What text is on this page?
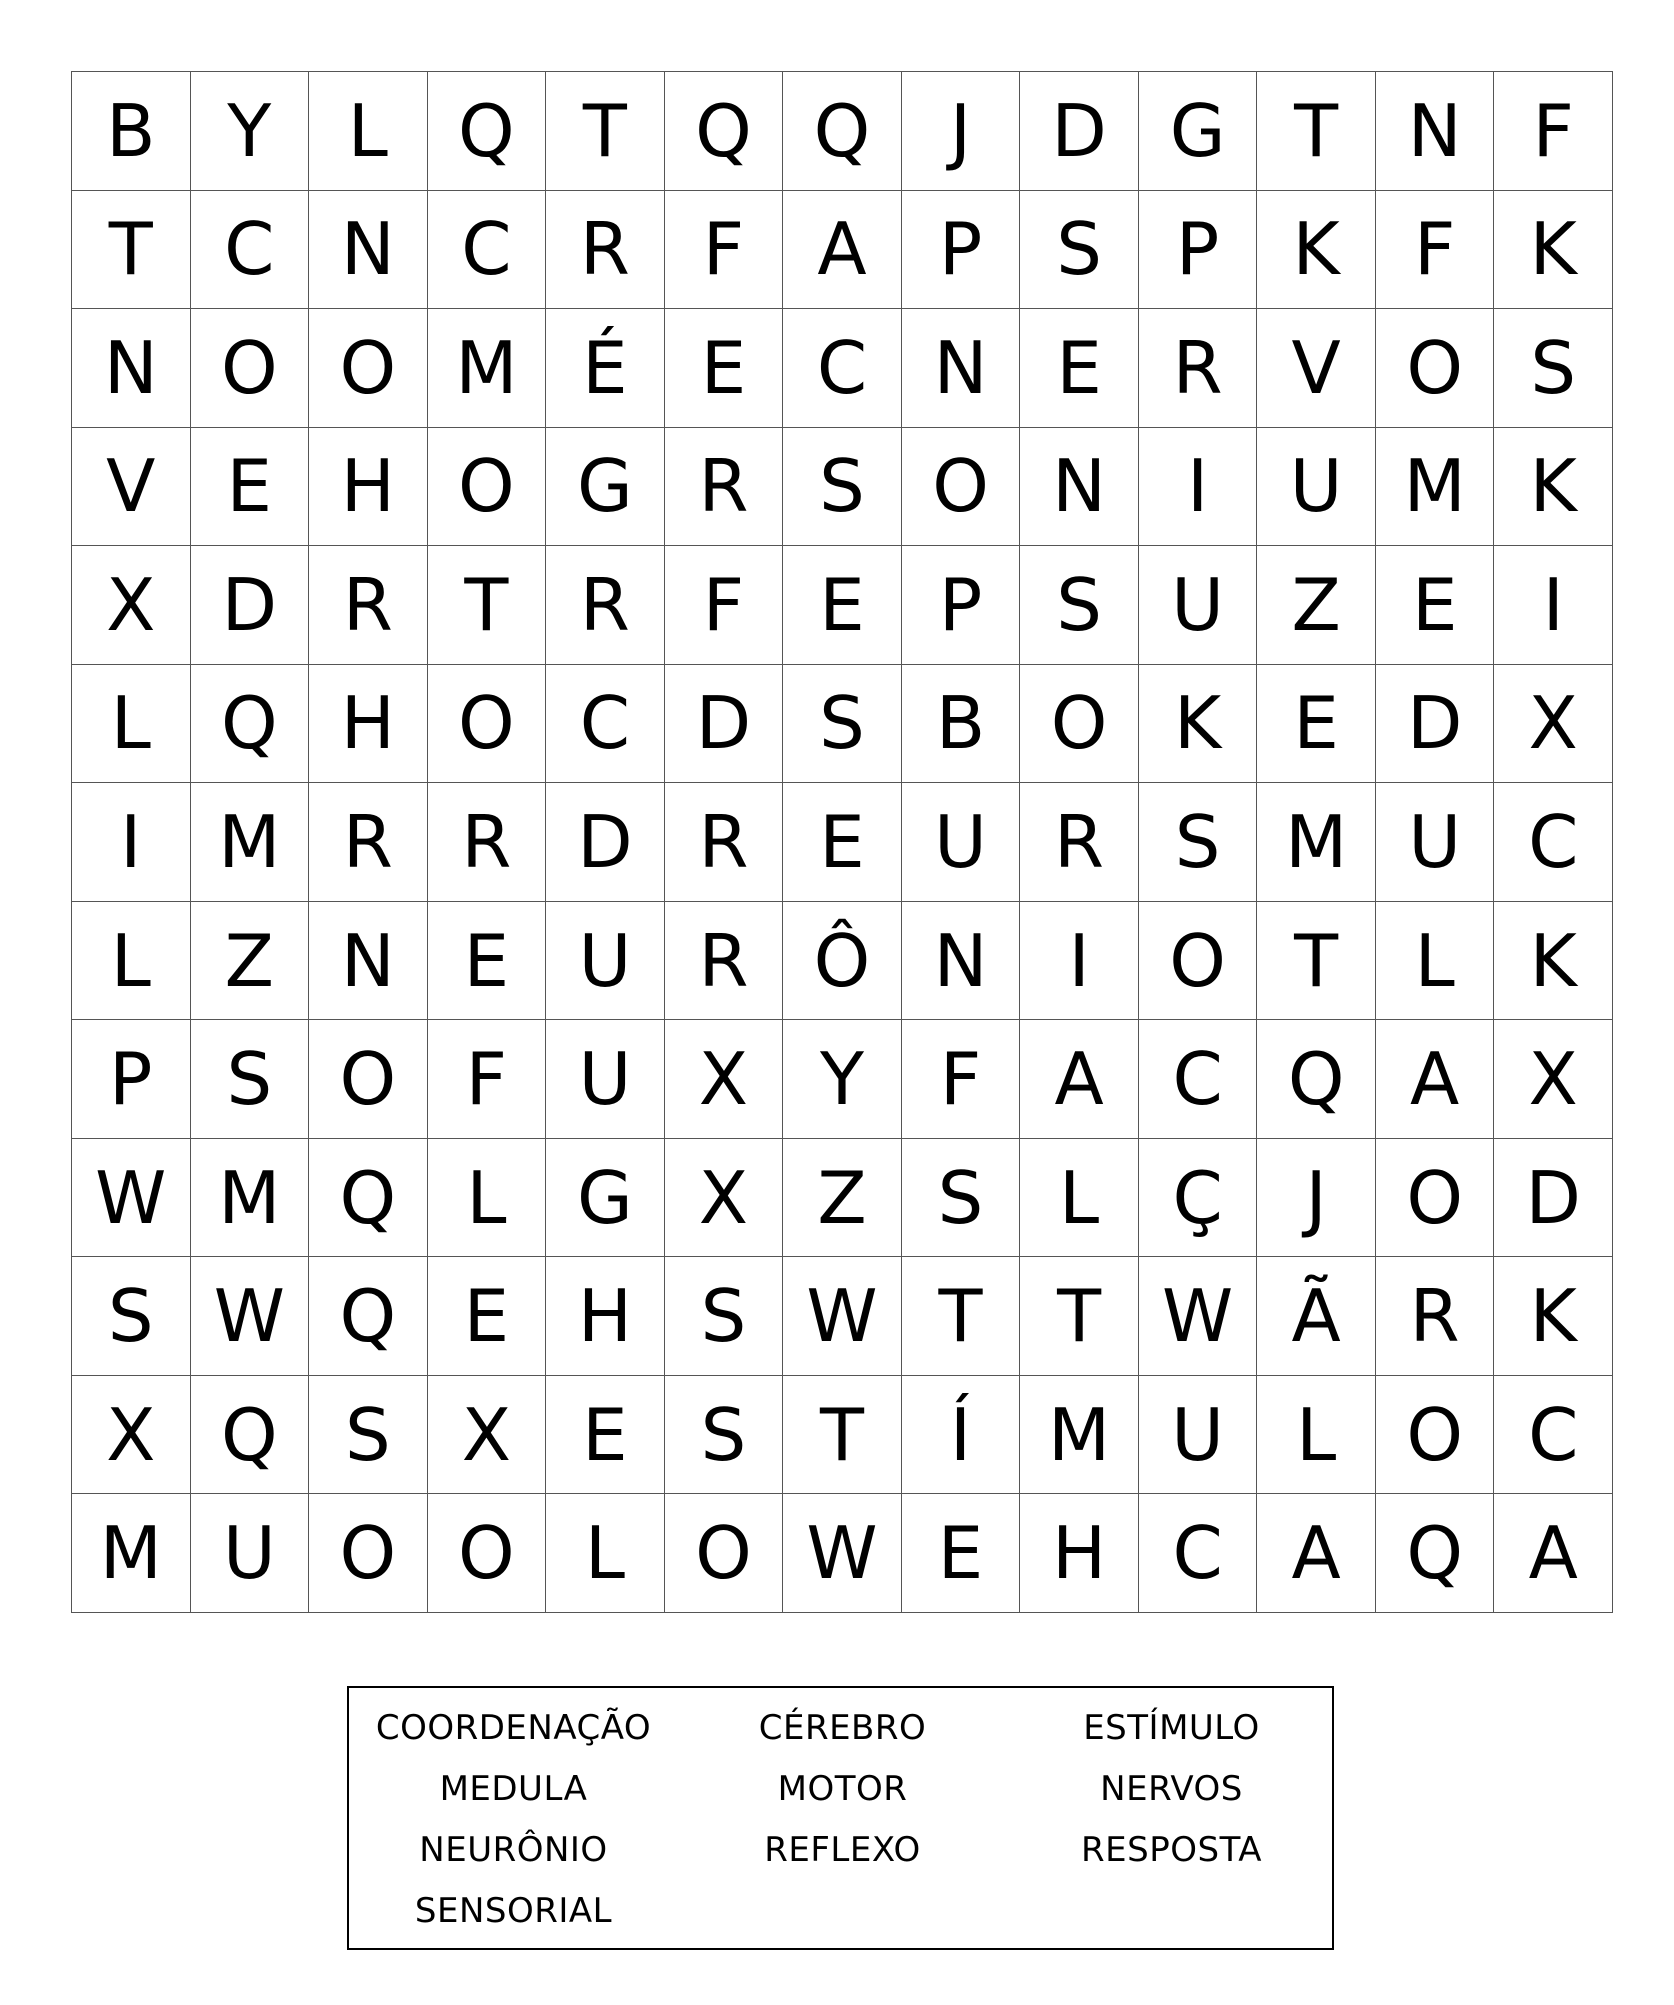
B Y	L Q T Q Q	J	D G T N F
T C N C R	F	A	P	S	P	K	F	K
N O O M É	E C N E R V O S
V E H O G R S O N	I	U M K
X D R T R	F	E	P	S U Z E	I
L Q H O C D S B O K	E D X
I	M R R D R E U R S M U C
L	Z N E U R Ô N	I	O T	L	K
P	S O F U X Y	F	A C Q A X
W M Q L G X Z S	L	Ç	J	O D
S W Q E H S W T	T W Ã R K
X Q S X E	S	T	Í	M U	L O C
M U O O L O W E H C A Q A
COORDENAÇÃO	CÉREBRO	ESTÍMULO
MEDULA	MOTOR	NERVOS
NEURÔNIO	REFLEXO	RESPOSTA
SENSORIAL
